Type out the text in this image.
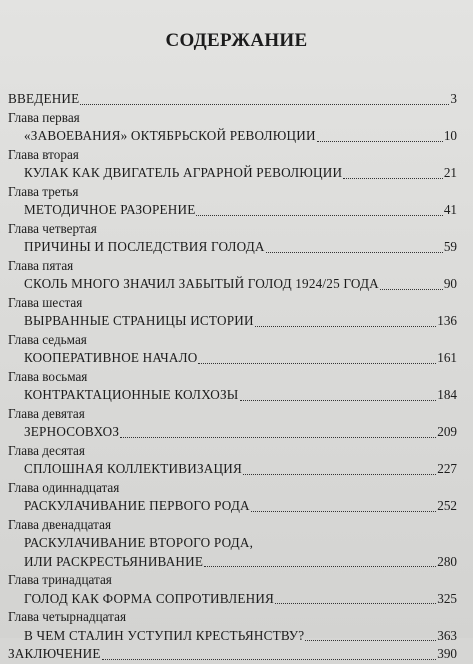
СОДЕРЖАНИЕ
ВВЕДЕНИЕ	3
Глава первая
«ЗАВОЕВАНИЯ» ОКТЯБРЬСКОЙ РЕВОЛЮЦИИ	10
Глава вторая
КУЛАК КАК ДВИГАТЕЛЬ АГРАРНОЙ РЕВОЛЮЦИИ	21
Глава третья
МЕТОДИЧНОЕ РАЗОРЕНИЕ	41
Глава четвертая
ПРИЧИНЫ И ПОСЛЕДСТВИЯ ГОЛОДА	59
Глава пятая
СКОЛЬ МНОГО ЗНАЧИЛ ЗАБЫТЫЙ ГОЛОД 1924/25 ГОДА	90
Глава шестая
ВЫРВАННЫЕ СТРАНИЦЫ ИСТОРИИ	136
Глава седьмая
КООПЕРАТИВНОЕ НАЧАЛО	161
Глава восьмая
КОНТРАКТАЦИОННЫЕ КОЛХОЗЫ	184
Глава девятая
ЗЕРНОСОВХОЗ	209
Глава десятая
СПЛОШНАЯ КОЛЛЕКТИВИЗАЦИЯ	227
Глава одиннадцатая
РАСКУЛАЧИВАНИЕ ПЕРВОГО РОДА	252
Глава двенадцатая
РАСКУЛАЧИВАНИЕ ВТОРОГО РОДА,
ИЛИ РАСКРЕСТЬЯНИВАНИЕ	280
Глава тринадцатая
ГОЛОД КАК ФОРМА СОПРОТИВЛЕНИЯ	325
Глава четырнадцатая
В ЧЕМ СТАЛИН УСТУПИЛ КРЕСТЬЯНСТВУ?	363
ЗАКЛЮЧЕНИЕ	390
